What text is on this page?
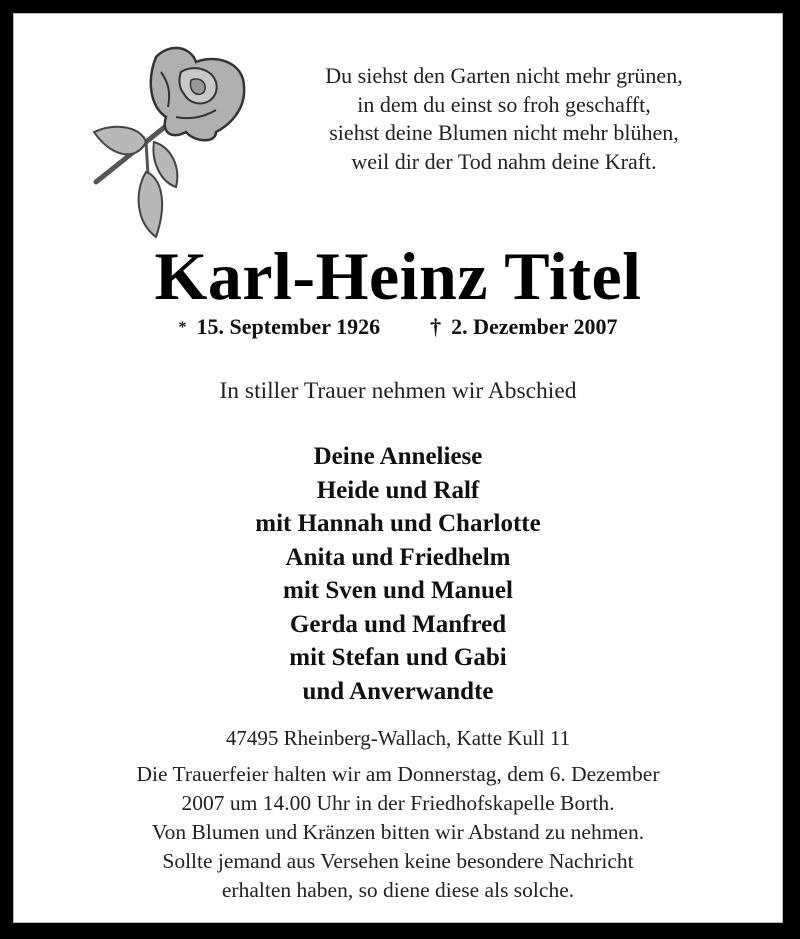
Du siehst den Garten nicht mehr grünen,
in dem du einst so froh geschafft,
siehst deine Blumen nicht mehr blühen,
weil dir der Tod nahm deine Kraft.
Karl-Heinz Titel
* 15. September 1926 † 2. Dezember 2007
In stiller Trauer nehmen wir Abschied
Deine Anneliese
Heide und Ralf
mit Hannah und Charlotte
Anita und Friedhelm
mit Sven und Manuel
Gerda und Manfred
mit Stefan und Gabi
und Anverwandte
47495 Rheinberg-Wallach, Katte Kull 11
Die Trauerfeier halten wir am Donnerstag, dem 6. Dezember
2007 um 14.00 Uhr in der Friedhofskapelle Borth.
Von Blumen und Kränzen bitten wir Abstand zu nehmen.
Sollte jemand aus Versehen keine besondere Nachricht
erhalten haben, so diene diese als solche.
